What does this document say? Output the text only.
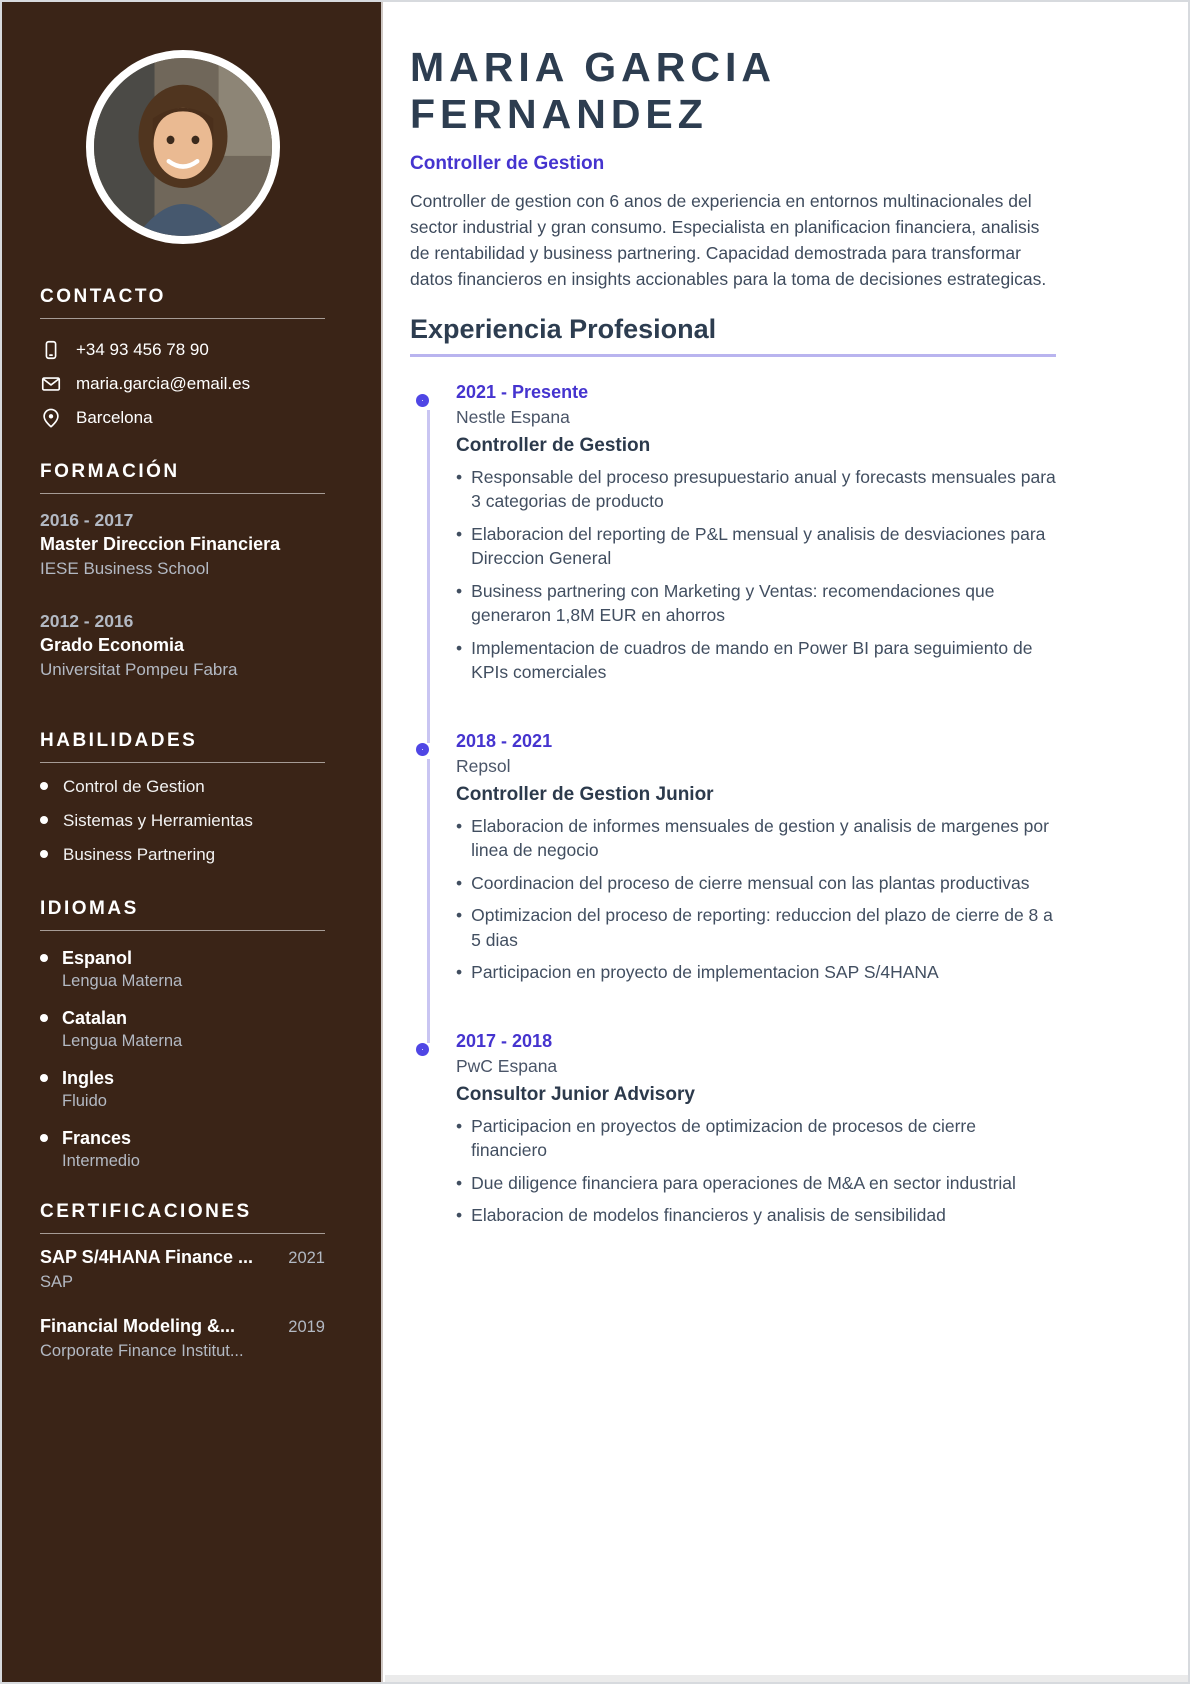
CONTACTO
+34 93 456 78 90
maria.garcia@email.es
Barcelona
FORMACIÓN
2016 - 2017
Master Direccion Financiera
IESE Business School
2012 - 2016
Grado Economia
Universitat Pompeu Fabra
HABILIDADES
Control de Gestion
Sistemas y Herramientas
Business Partnering
IDIOMAS
Espanol
Lengua Materna
Catalan
Lengua Materna
Ingles
Fluido
Frances
Intermedio
CERTIFICACIONES
SAP S/4HANA Finance ... 2021
SAP
Financial Modeling &...	2019
Corporate Finance Institut...
MARIA GARCIA FERNANDEZ
Controller de Gestion

Controller de gestion con 6 anos de experiencia en entornos multinacionales del sector industrial y gran consumo. Especialista en planificacion financiera, analisis de rentabilidad y business partnering. Capacidad demostrada para transformar datos financieros en insights accionables para la toma de decisiones estrategicas.

Experiencia Profesional
2021 - Presente
Nestle Espana
Controller de Gestion
• Responsable del proceso presupuestario anual y forecasts mensuales para 3 categorias de producto
• Elaboracion del reporting de P&L mensual y analisis de desviaciones para Direccion General
• Business partnering con Marketing y Ventas: recomendaciones que generaron 1,8M EUR en ahorros
• Implementacion de cuadros de mando en Power BI para seguimiento de KPIs comerciales
2018 - 2021
Repsol
Controller de Gestion Junior
• Elaboracion de informes mensuales de gestion y analisis de margenes por linea de negocio
• Coordinacion del proceso de cierre mensual con las plantas productivas
• Optimizacion del proceso de reporting: reduccion del plazo de cierre de 8 a 5 dias
• Participacion en proyecto de implementacion SAP S/4HANA
2017 - 2018
PwC Espana
Consultor Junior Advisory
• Participacion en proyectos de optimizacion de procesos de cierre financiero
• Due diligence financiera para operaciones de M&A en sector industrial
• Elaboracion de modelos financieros y analisis de sensibilidad
